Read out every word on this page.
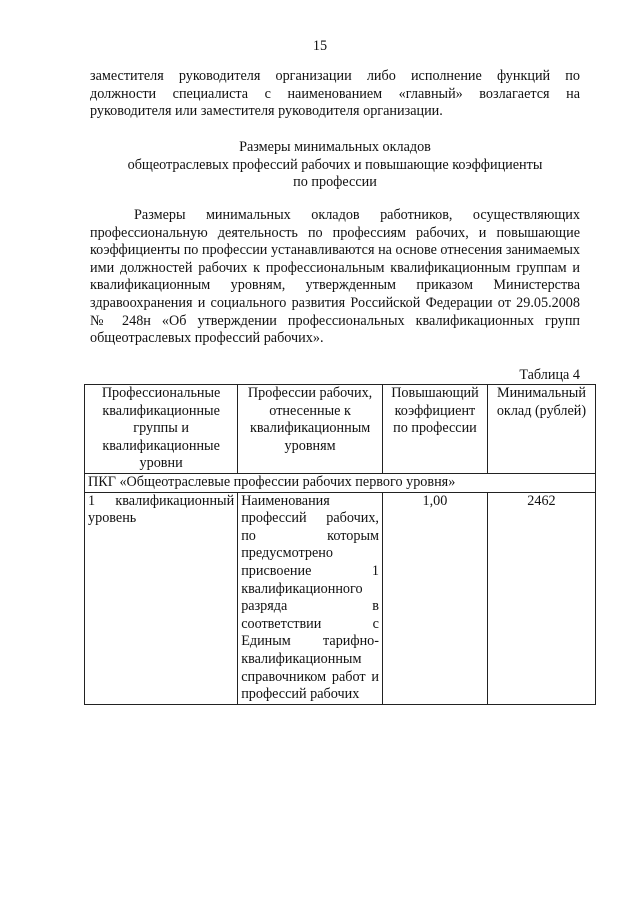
15

заместителя руководителя организации либо исполнение функций по

должности специалиста с наименованием «главный» возлагается на

руководителя или заместителя руководителя организации.

Размеры минимальных окладов
общеотраслевых профессий рабочих и повышающие коэффициенты
по профессии

Размеры минимальных окладов работников, осуществляющих профессиональную деятельность по профессиям рабочих, и повышающие коэффициенты по профессии устанавливаются на основе отнесения занимаемых ими должностей рабочих к профессиональным квалификационным группам и квалификационным уровням, утвержденным приказом Министерства здравоохранения и социального развития Российской Федерации от 29.05.2008 № 248н «Об утверждении профессиональных квалификационных групп общеотраслевых профессий рабочих».

Таблица 4
Профессиональные квалификационные группы и квалификационные уровни	Профессии рабочих, отнесенные к квалификационным уровням	Повышающий коэффициент по профессии	Минимальный оклад (рублей)
ПКГ «Общеотраслевые профессии рабочих первого уровня»			
1 квалификационный уровень	Наименования профессий рабочих, по которым предусмотрено присвоение 1 квалификационного разряда в соответствии с Единым тарифно-квалификационным справочником работ и профессий рабочих	1,00	2462
